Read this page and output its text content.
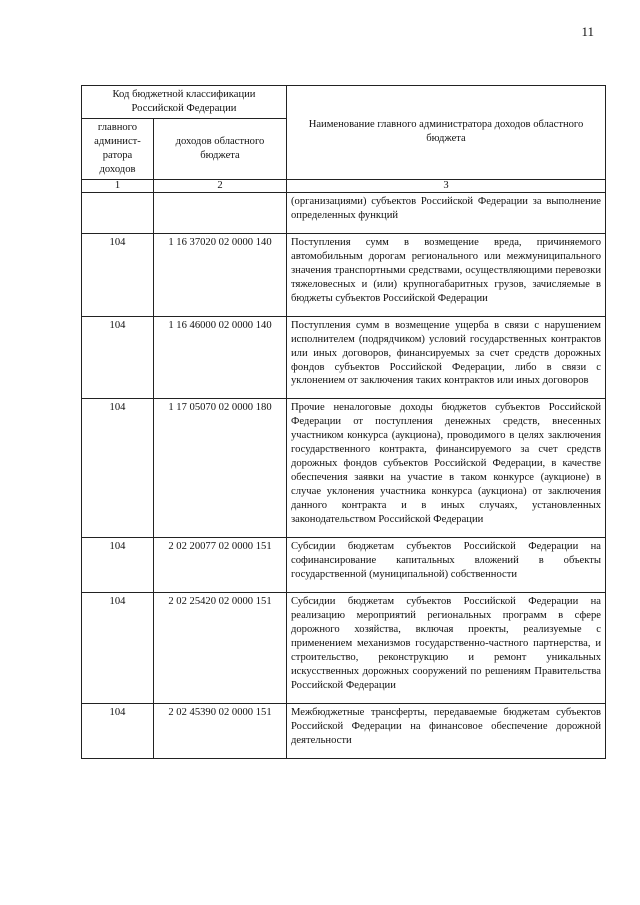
11
Код бюджетной классификации Российской Федерации		Наименование главного администратора доходов областного бюджета
главного админист-ратора доходов	доходов областного бюджета	
1	2	3
		(организациями) субъектов Российской Федерации за выполнение определенных функций
104	1 16 37020 02 0000 140	Поступления сумм в возмещение вреда, причиняемого автомобильным дорогам регионального или межмуниципального значения транспортными средствами, осуществляющими перевозки тяжеловесных и (или) крупногабаритных грузов, зачисляемые в бюджеты субъектов Российской Федерации
104	1 16 46000 02 0000 140	Поступления сумм в возмещение ущерба в связи с нарушением исполнителем (подрядчиком) условий государственных контрактов или иных договоров, финансируемых за счет средств дорожных фондов субъектов Российской Федерации, либо в связи с уклонением от заключения таких контрактов или иных договоров
104	1 17 05070 02 0000 180	Прочие неналоговые доходы бюджетов субъектов Российской Федерации от поступления денежных средств, внесенных участником конкурса (аукциона), проводимого в целях заключения государственного контракта, финансируемого за счет средств дорожных фондов субъектов Российской Федерации, в качестве обеспечения заявки на участие в таком конкурсе (аукционе) в случае уклонения участника конкурса (аукциона) от заключения данного контракта и в иных случаях, установленных законодательством Российской Федерации
104	2 02 20077 02 0000 151	Субсидии бюджетам субъектов Российской Федерации на софинансирование капитальных вложений в объекты государственной (муниципальной) собственности
104	2 02 25420 02 0000 151	Субсидии бюджетам субъектов Российской Федерации на реализацию мероприятий региональных программ в сфере дорожного хозяйства, включая проекты, реализуемые с применением механизмов государственно-частного партнерства, и строительство, реконструкцию и ремонт уникальных искусственных дорожных сооружений по решениям Правительства Российской Федерации
104	2 02 45390 02 0000 151	Межбюджетные трансферты, передаваемые бюджетам субъектов Российской Федерации на финансовое обеспечение дорожной деятельности
